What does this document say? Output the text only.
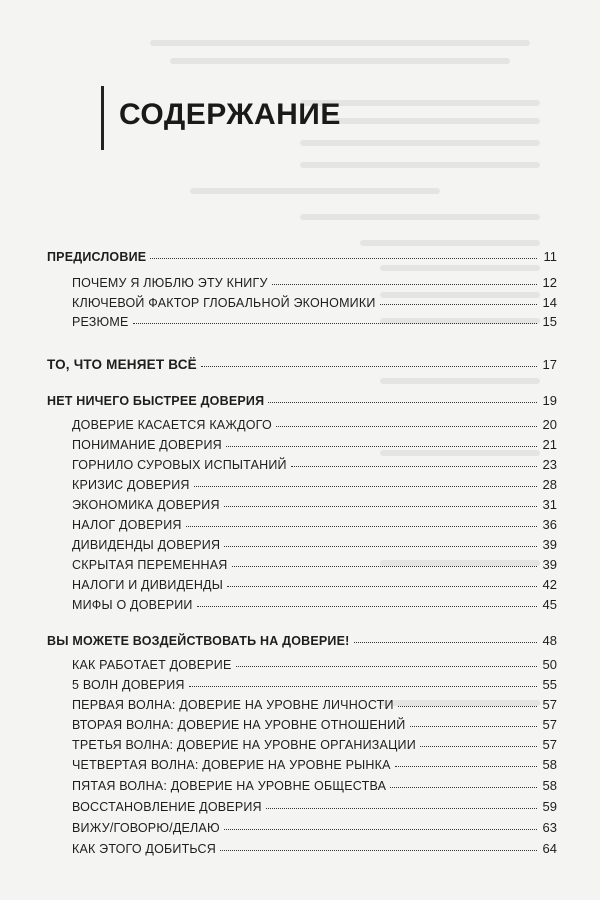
СОДЕРЖАНИЕ
ПРЕДИСЛОВИЕ	11
ПОЧЕМУ Я ЛЮБЛЮ ЭТУ КНИГУ	12
КЛЮЧЕВОЙ ФАКТОР ГЛОБАЛЬНОЙ ЭКОНОМИКИ	14
РЕЗЮМЕ	15
ТО, ЧТО МЕНЯЕТ ВСЁ	17
НЕТ НИЧЕГО БЫСТРЕЕ ДОВЕРИЯ	19
ДОВЕРИЕ КАСАЕТСЯ КАЖДОГО	20
ПОНИМАНИЕ ДОВЕРИЯ	21
ГОРНИЛО СУРОВЫХ ИСПЫТАНИЙ	23
КРИЗИС ДОВЕРИЯ	28
ЭКОНОМИКА ДОВЕРИЯ	31
НАЛОГ ДОВЕРИЯ	36
ДИВИДЕНДЫ ДОВЕРИЯ	39
СКРЫТАЯ ПЕРЕМЕННАЯ	39
НАЛОГИ И ДИВИДЕНДЫ	42
МИФЫ О ДОВЕРИИ	45
ВЫ МОЖЕТЕ ВОЗДЕЙСТВОВАТЬ НА ДОВЕРИЕ!	48
КАК РАБОТАЕТ ДОВЕРИЕ	50
5 ВОЛН ДОВЕРИЯ	55
ПЕРВАЯ ВОЛНА: ДОВЕРИЕ НА УРОВНЕ ЛИЧНОСТИ	57
ВТОРАЯ ВОЛНА: ДОВЕРИЕ НА УРОВНЕ ОТНОШЕНИЙ	57
ТРЕТЬЯ ВОЛНА: ДОВЕРИЕ НА УРОВНЕ ОРГАНИЗАЦИИ	57
ЧЕТВЕРТАЯ ВОЛНА: ДОВЕРИЕ НА УРОВНЕ РЫНКА	58
ПЯТАЯ ВОЛНА: ДОВЕРИЕ НА УРОВНЕ ОБЩЕСТВА	58
ВОССТАНОВЛЕНИЕ ДОВЕРИЯ	59
ВИЖУ/ГОВОРЮ/ДЕЛАЮ	63
КАК ЭТОГО ДОБИТЬСЯ	64
